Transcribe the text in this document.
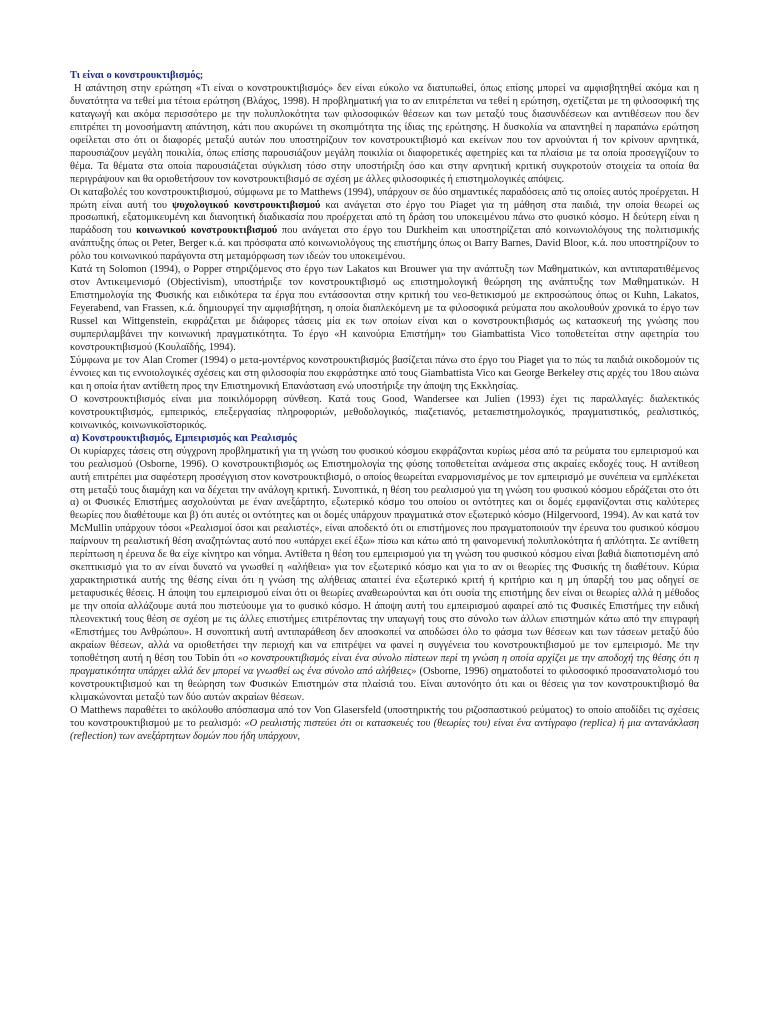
Τι είναι ο κονστρουκτιβισμός;

Η απάντηση στην ερώτηση «Τι είναι ο κονστρουκτιβισμός» δεν είναι εύκολο να διατυπωθεί, όπως επίσης μπορεί να αμφισβητηθεί ακόμα και η δυνατότητα να τεθεί μια τέτοια ερώτηση (Βλάχος, 1998). Η προβληματική για το αν επιτρέπεται να τεθεί η ερώτηση, σχετίζεται με τη φιλοσοφική της καταγωγή και ακόμα περισσότερο με την πολυπλοκότητα των φιλοσοφικών θέσεων και των μεταξύ τους διασυνδέσεων και αντιθέσεων που δεν επιτρέπει τη μονοσήμαντη απάντηση, κάτι που ακυρώνει τη σκοπιμότητα της ίδιας της ερώτησης. Η δυσκολία να απαντηθεί η παραπάνω ερώτηση οφείλεται στο ότι οι διαφορές μεταξύ αυτών που υποστηρίζουν τον κονστρουκτιβισμό και εκείνων που τον αρνούνται ή τον κρίνουν αρνητικά, παρουσιάζουν μεγάλη ποικιλία, όπως επίσης παρουσιάζουν μεγάλη ποικιλία οι διαφορετικές αφετηρίες και τα πλαίσια με τα οποία προσεγγίζουν το θέμα. Τα θέματα στα οποία παρουσιάζεται σύγκλιση τόσο στην υποστήριξη όσο και στην αρνητική κριτική συγκροτούν στοιχεία τα οποία θα περιγράψουν και θα οριοθετήσουν τον κονστρουκτιβισμό σε σχέση με άλλες φιλοσοφικές ή επιστημολογικές απόψεις.

Οι καταβολές του κονστρουκτιβισμού, σύμφωνα με το Matthews (1994), υπάρχουν σε δύο σημαντικές παραδόσεις από τις οποίες αυτός προέρχεται. Η πρώτη είναι αυτή του ψυχολογικού κονστρουκτιβισμού και ανάγεται στο έργο του Piaget για τη μάθηση στα παιδιά, την οποία θεωρεί ως προσωπική, εξατομικευμένη και διανοητική διαδικασία που προέρχεται από τη δράση του υποκειμένου πάνω στο φυσικό κόσμο. Η δεύτερη είναι η παράδοση του κοινωνικού κονστρουκτιβισμού που ανάγεται στο έργο του Durkheim και υποστηρίζεται από κοινωνιολόγους της πολιτισμικής ανάπτυξης όπως οι Peter, Berger κ.ά. και πρόσφατα από κοινωνιολόγους της επιστήμης όπως οι Barry Barnes, David Bloor, κ.ά. που υποστηρίζουν το ρόλο του κοινωνικού παράγοντα στη μεταμόρφωση των ιδεών του υποκειμένου.

Κατά τη Solomon (1994), ο Popper στηριζόμενος στο έργο των Lakatos και Brouwer για την ανάπτυξη των Μαθηματικών, και αντιπαρατιθέμενος στον Αντικειμενισμό (Objectivism), υποστήριξε τον κονστρουκτιβισμό ως επιστημολογική θεώρηση της ανάπτυξης των Μαθηματικών. Η Επιστημολογία της Φυσικής και ειδικότερα τα έργα που εντάσσονται στην κριτική του νεο-θετικισμού με εκπροσώπους όπως οι Kuhn, Lakatos, Feyerabend, van Frassen, κ.ά. δημιουργεί την αμφισβήτηση, η οποία διαπλεκόμενη με τα φιλοσοφικά ρεύματα που ακολουθούν χρονικά το έργο των Russel και Wittgenstein, εκφράζεται με διάφορες τάσεις μία εκ των οποίων είναι και ο κονστρουκτιβισμός ως κατασκευή της γνώσης που συμπεριλαμβάνει την κοινωνική πραγματικότητα. Το έργο «Η καινούρια Επιστήμη» του Giambattista Vico τοποθετείται στην αφετηρία του κονστρουκτιβισμού (Κουλαϊδής, 1994).

Σύμφωνα με τον Alan Cromer (1994) ο μετα-μοντέρνος κονστρουκτιβισμός βασίζεται πάνω στο έργο του Piaget για το πώς τα παιδιά οικοδομούν τις έννοιες και τις εννοιολογικές σχέσεις και στη φιλοσοφία που εκφράστηκε από τους Giambattista Vico και George Berkeley στις αρχές του 18ου αιώνα και η οποία ήταν αντίθετη προς την Επιστημονική Επανάσταση ενώ υποστήριξε την άποψη της Εκκλησίας.

Ο κονστρουκτιβισμός είναι μια ποικιλόμορφη σύνθεση. Κατά τους Good, Wandersee και Julien (1993) έχει τις παραλλαγές: διαλεκτικός κονστρουκτιβισμός, εμπειρικός, επεξεργασίας πληροφοριών, μεθοδολογικός, πιαζετιανός, μεταεπιστημολογικός, πραγματιστικός, ρεαλιστικός, κοινωνικός, κοινωνικοϊστορικός.

α) Κονστρουκτιβισμός, Εμπειρισμός και Ρεαλισμός

Οι κυρίαρχες τάσεις στη σύγχρονη προβληματική για τη γνώση του φυσικού κόσμου εκφράζονται κυρίως μέσα από τα ρεύματα του εμπειρισμού και του ρεαλισμού (Osborne, 1996). Ο κονστρουκτιβισμός ως Επιστημολογία της φύσης τοποθετείται ανάμεσα στις ακραίες εκδοχές τους. Η αντίθεση αυτή επιτρέπει μια σαφέστερη προσέγγιση στον κονστρουκτιβισμό, ο οποίος θεωρείται εναρμονισμένος με τον εμπειρισμό με συνέπεια να εμπλέκεται στη μεταξύ τους διαμάχη και να δέχεται την ανάλογη κριτική. Συνοπτικά, η θέση του ρεαλισμού για τη γνώση του φυσικού κόσμου εδράζεται στο ότι α) οι Φυσικές Επιστήμες ασχολούνται με έναν ανεξάρτητο, εξωτερικό κόσμο του οποίου οι οντότητες και οι δομές εμφανίζονται στις καλύτερες θεωρίες που διαθέτουμε και β) ότι αυτές οι οντότητες και οι δομές υπάρχουν πραγματικά στον εξωτερικό κόσμο (Hilgervoord, 1994). Αν και κατά τον McMullin υπάρχουν τόσοι «Ρεαλισμοί όσοι και ρεαλιστές», είναι αποδεκτό ότι οι επιστήμονες που πραγματοποιούν την έρευνα του φυσικού κόσμου παίρνουν τη ρεαλιστική θέση αναζητώντας αυτό που «υπάρχει εκεί έξω» πίσω και κάτω από τη φαινομενική πολυπλοκότητα ή απλότητα. Σε αντίθετη περίπτωση η έρευνα δε θα είχε κίνητρο και νόημα. Αντίθετα η θέση του εμπειρισμού για τη γνώση του φυσικού κόσμου είναι βαθιά διαποτισμένη από σκεπτικισμό για το αν είναι δυνατό να γνωσθεί η «αλήθεια» για τον εξωτερικό κόσμο και για το αν οι θεωρίες της Φυσικής τη διαθέτουν. Κύρια χαρακτηριστικά αυτής της θέσης είναι ότι η γνώση της αλήθειας απαιτεί ένα εξωτερικό κριτή ή κριτήριο και η μη ύπαρξή του μας οδηγεί σε μεταφυσικές θέσεις. Η άποψη του εμπειρισμού είναι ότι οι θεωρίες αναθεωρούνται και ότι ουσία της επιστήμης δεν είναι οι θεωρίες αλλά η μέθοδος με την οποία αλλάζουμε αυτά που πιστεύουμε για το φυσικό κόσμο. Η άποψη αυτή του εμπειρισμού αφαιρεί από τις Φυσικές Επιστήμες την ειδική πλεονεκτική τους θέση σε σχέση με τις άλλες επιστήμες επιτρέποντας την υπαγωγή τους στο σύνολο των άλλων επιστημών κάτω από την επιγραφή «Επιστήμες του Ανθρώπου». Η συνοπτική αυτή αντιπαράθεση δεν αποσκοπεί να αποδώσει όλο το φάσμα των θέσεων και των τάσεων μεταξύ δύο ακραίων θέσεων, αλλά να οριοθετήσει την περιοχή και να επιτρέψει να φανεί η συγγένεια του κονστρουκτιβισμού με τον εμπειρισμό. Με την τοποθέτηση αυτή η θέση του Tobin ότι «ο κονστρουκτιβισμός είναι ένα σύνολο πίστεων περί τη γνώση η οποία αρχίζει με την αποδοχή της θέσης ότι η πραγματικότητα υπάρχει αλλά δεν μπορεί να γνωσθεί ως ένα σύνολο από αλήθειες» (Osborne, 1996) σηματοδοτεί το φιλοσοφικό προσανατολισμό του κονστρουκτιβισμού και τη θεώρηση των Φυσικών Επιστημών στα πλαίσιά του. Είναι αυτονόητο ότι και οι θέσεις για τον κονστρουκτιβισμό θα κλιμακώνονται μεταξύ των δύο αυτών ακραίων θέσεων.

Ο Matthews παραθέτει το ακόλουθο απόσπασμα από τον Von Glasersfeld (υποστηρικτής του ριζοσπαστικού ρεύματος) το οποίο αποδίδει τις σχέσεις του κονστρουκτιβισμού με το ρεαλισμό: «Ο ρεαλιστής πιστεύει ότι οι κατασκευές του (θεωρίες του) είναι ένα αντίγραφο (replica) ή μια αντανάκλαση (reflection) των ανεξάρτητων δομών που ήδη υπάρχουν,
